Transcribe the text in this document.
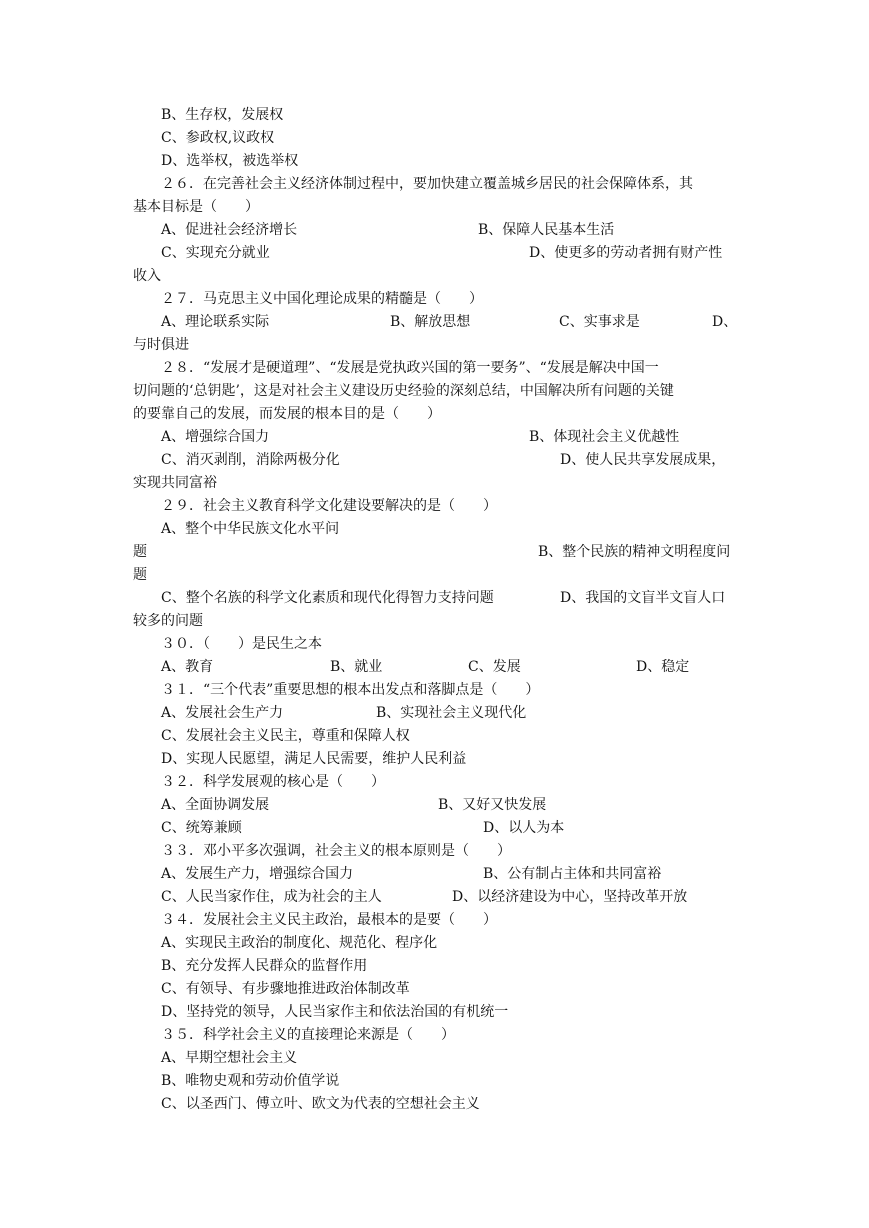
B、生存权，发展权
C、参政权,议政权
D、选举权，被选举权
２６．在完善社会主义经济体制过程中，要加快建立覆盖城乡居民的社会保障体系，其
基本目标是（　　）
A、促进社会经济增长	B、保障人民基本生活
C、实现充分就业	D、使更多的劳动者拥有财产性
收入
２７．马克思主义中国化理论成果的精髓是（　　）
A、理论联系实际	B、解放思想	C、实事求是	D、
与时俱进
２８．“发展才是硬道理”、“发展是党执政兴国的第一要务”、“发展是解决中国一
切问题的‘总钥匙’，这是对社会主义建设历史经验的深刻总结，中国解决所有问题的关键
的要靠自己的发展，而发展的根本目的是（　　）
A、增强综合国力	B、体现社会主义优越性
C、消灭剥削，消除两极分化	D、使人民共享发展成果，
实现共同富裕
２９．社会主义教育科学文化建设要解决的是（　　）
A、整个中华民族文化水平问
题	B、整个民族的精神文明程度问
题
C、整个名族的科学文化素质和现代化得智力支持问题	D、我国的文盲半文盲人口
较多的问题
３０．（　　）是民生之本
A、教育	B、就业	C、发展	D、稳定
３１．“三个代表”重要思想的根本出发点和落脚点是（　　）
A、发展社会生产力	B、实现社会主义现代化
C、发展社会主义民主，尊重和保障人权
D、实现人民愿望，满足人民需要，维护人民利益
３２．科学发展观的核心是（　　）
A、全面协调发展	B、又好又快发展
C、统筹兼顾	D、以人为本
３３．邓小平多次强调，社会主义的根本原则是（　　）
A、发展生产力，增强综合国力	B、公有制占主体和共同富裕
C、人民当家作住，成为社会的主人	D、以经济建设为中心，坚持改革开放
３４．发展社会主义民主政治，最根本的是要（　　）
A、实现民主政治的制度化、规范化、程序化
B、充分发挥人民群众的监督作用
C、有领导、有步骤地推进政治体制改革
D、坚持党的领导，人民当家作主和依法治国的有机统一
３５．科学社会主义的直接理论来源是（　　）
A、早期空想社会主义
B、唯物史观和劳动价值学说
C、以圣西门、傅立叶、欧文为代表的空想社会主义
